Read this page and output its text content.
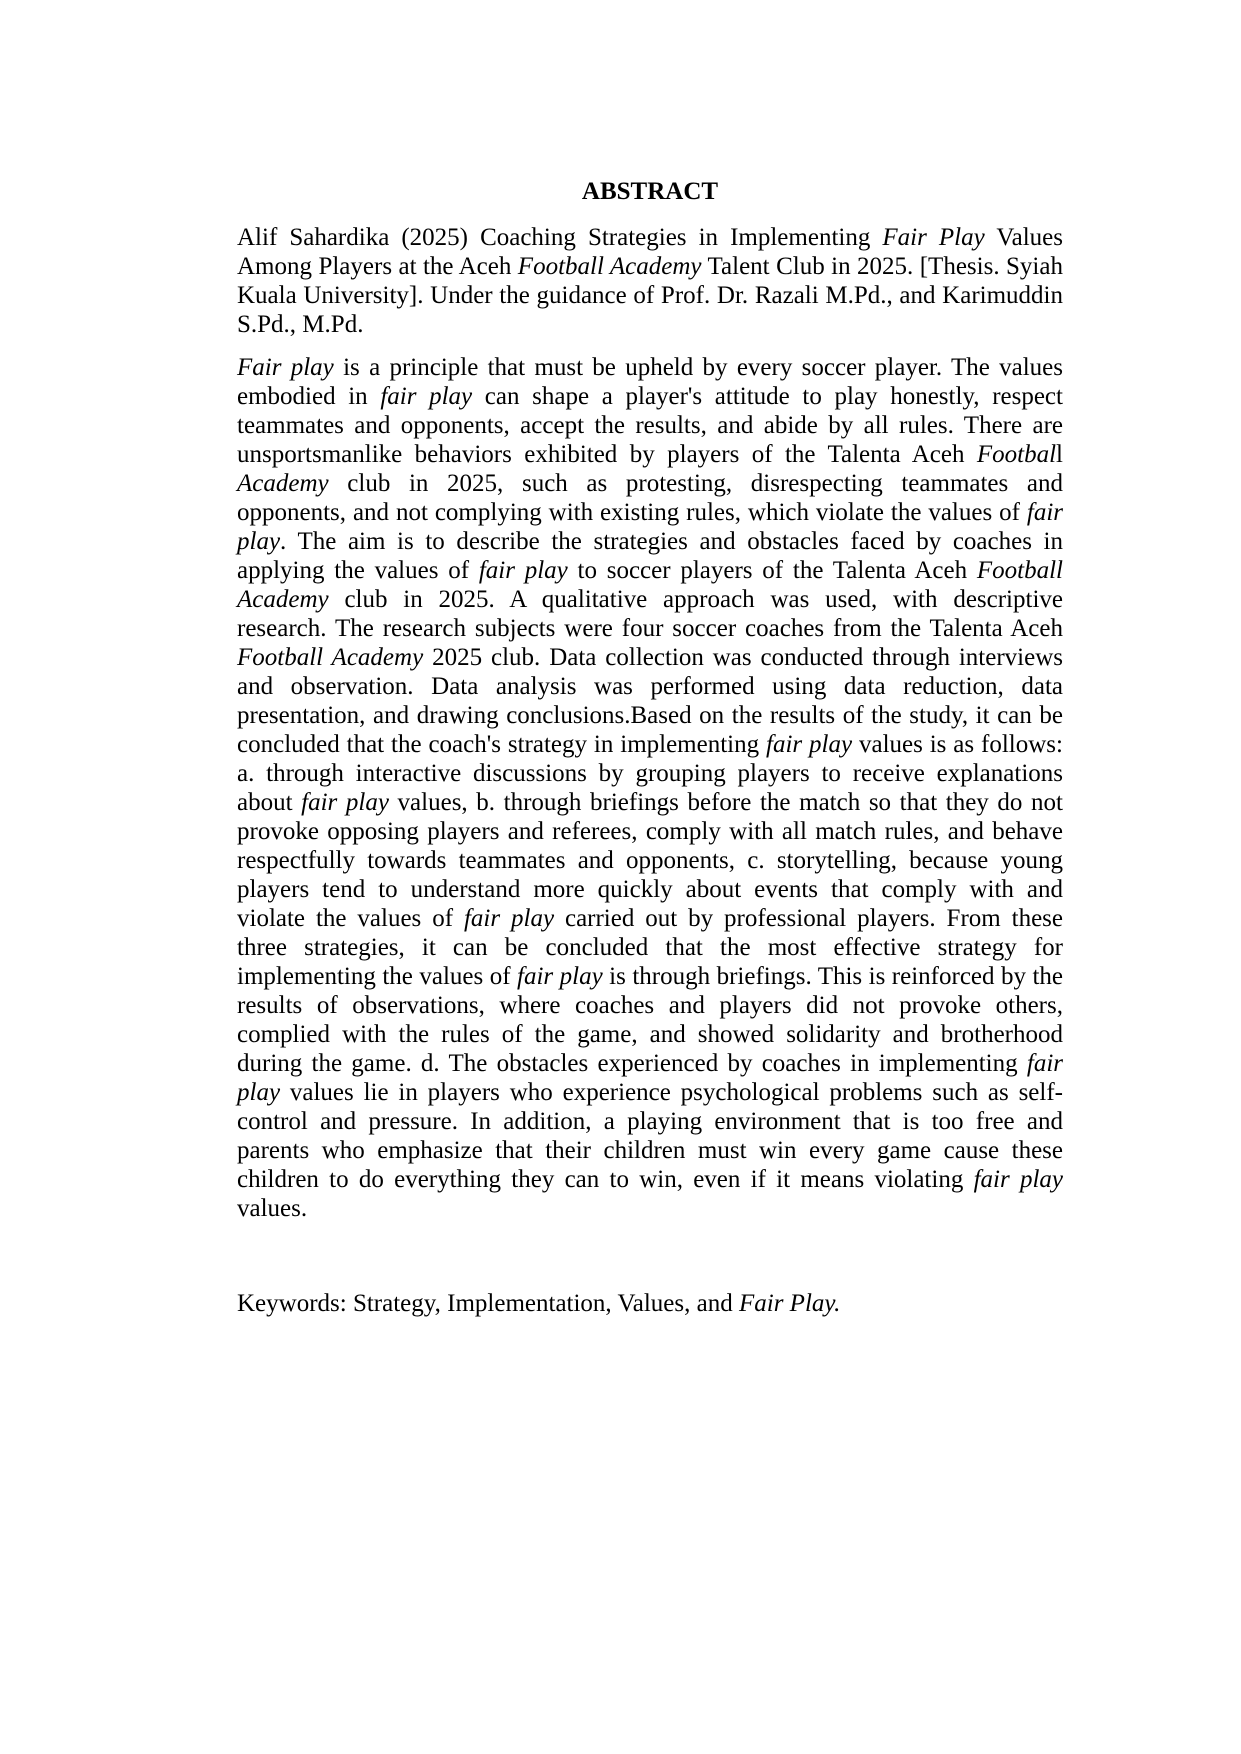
ABSTRACT

Alif Sahardika (2025) Coaching Strategies in Implementing Fair Play Values Among Players at the Aceh Football Academy Talent Club in 2025. [Thesis. Syiah Kuala University]. Under the guidance of Prof. Dr. Razali M.Pd., and Karimuddin S.Pd., M.Pd.

Fair play is a principle that must be upheld by every soccer player. The values embodied in fair play can shape a player's attitude to play honestly, respect teammates and opponents, accept the results, and abide by all rules. There are unsportsmanlike behaviors exhibited by players of the Talenta Aceh Football Academy club in 2025, such as protesting, disrespecting teammates and opponents, and not complying with existing rules, which violate the values of fair play. The aim is to describe the strategies and obstacles faced by coaches in applying the values of fair play to soccer players of the Talenta Aceh Football Academy club in 2025. A qualitative approach was used, with descriptive research. The research subjects were four soccer coaches from the Talenta Aceh Football Academy 2025 club. Data collection was conducted through interviews and observation. Data analysis was performed using data reduction, data presentation, and drawing conclusions.Based on the results of the study, it can be concluded that the coach's strategy in implementing fair play values is as follows: a. through interactive discussions by grouping players to receive explanations about fair play values, b. through briefings before the match so that they do not provoke opposing players and referees, comply with all match rules, and behave respectfully towards teammates and opponents, c. storytelling, because young players tend to understand more quickly about events that comply with and violate the values of fair play carried out by professional players. From these three strategies, it can be concluded that the most effective strategy for implementing the values of fair play is through briefings. This is reinforced by the results of observations, where coaches and players did not provoke others, complied with the rules of the game, and showed solidarity and brotherhood during the game. d. The obstacles experienced by coaches in implementing fair play values lie in players who experience psychological problems such as self-control and pressure. In addition, a playing environment that is too free and parents who emphasize that their children must win every game cause these children to do everything they can to win, even if it means violating fair play values.

Keywords: Strategy, Implementation, Values, and Fair Play.
